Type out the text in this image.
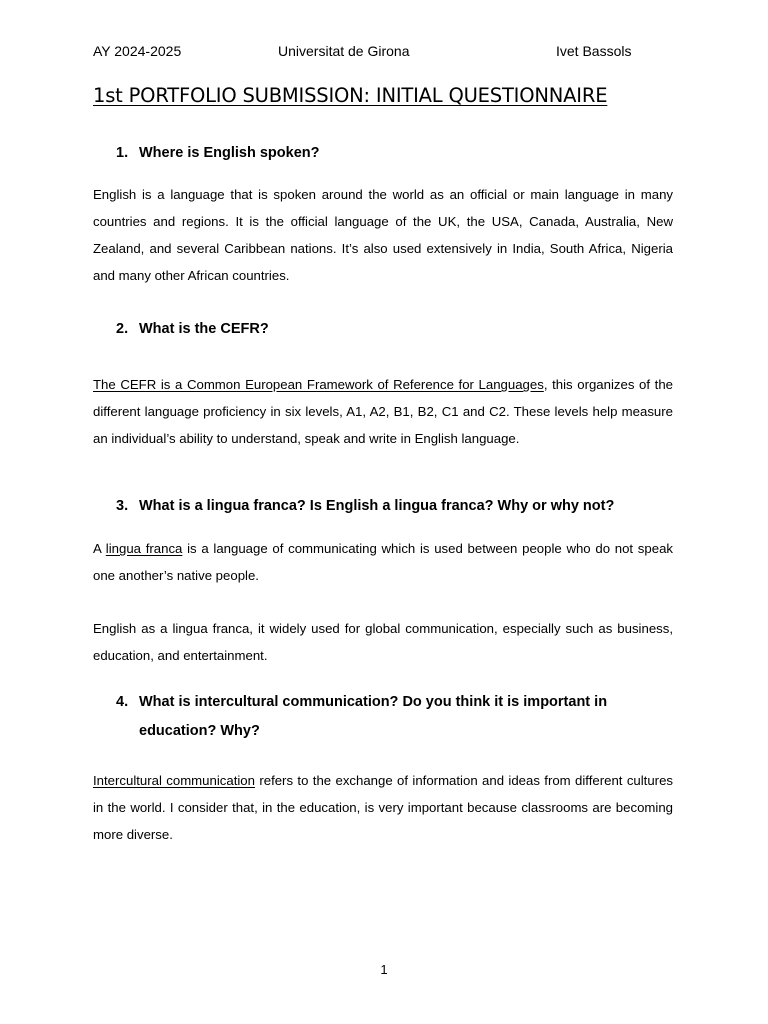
AY 2024-2025	Universitat de Girona	Ivet Bassols
1st PORTFOLIO SUBMISSION: INITIAL QUESTIONNAIRE
1. Where is English spoken?

English is a language that is spoken around the world as an official or main language in many countries and regions. It is the official language of the UK, the USA, Canada, Australia, New Zealand, and several Caribbean nations. It’s also used extensively in India, South Africa, Nigeria and many other African countries.

2. What is the CEFR?

The CEFR is a Common European Framework of Reference for Languages, this organizes of the different language proficiency in six levels, A1, A2, B1, B2, C1 and C2. These levels help measure an individual’s ability to understand, speak and write in English language.

3. What is a lingua franca? Is English a lingua franca? Why or why not?

A lingua franca is a language of communicating which is used between people who do not speak one another’s native people.

English as a lingua franca, it widely used for global communication, especially such as business, education, and entertainment.

4. What is intercultural communication? Do you think it is important in education? Why?

Intercultural communication refers to the exchange of information and ideas from different cultures in the world. I consider that, in the education, is very important because classrooms are becoming more diverse.

1
